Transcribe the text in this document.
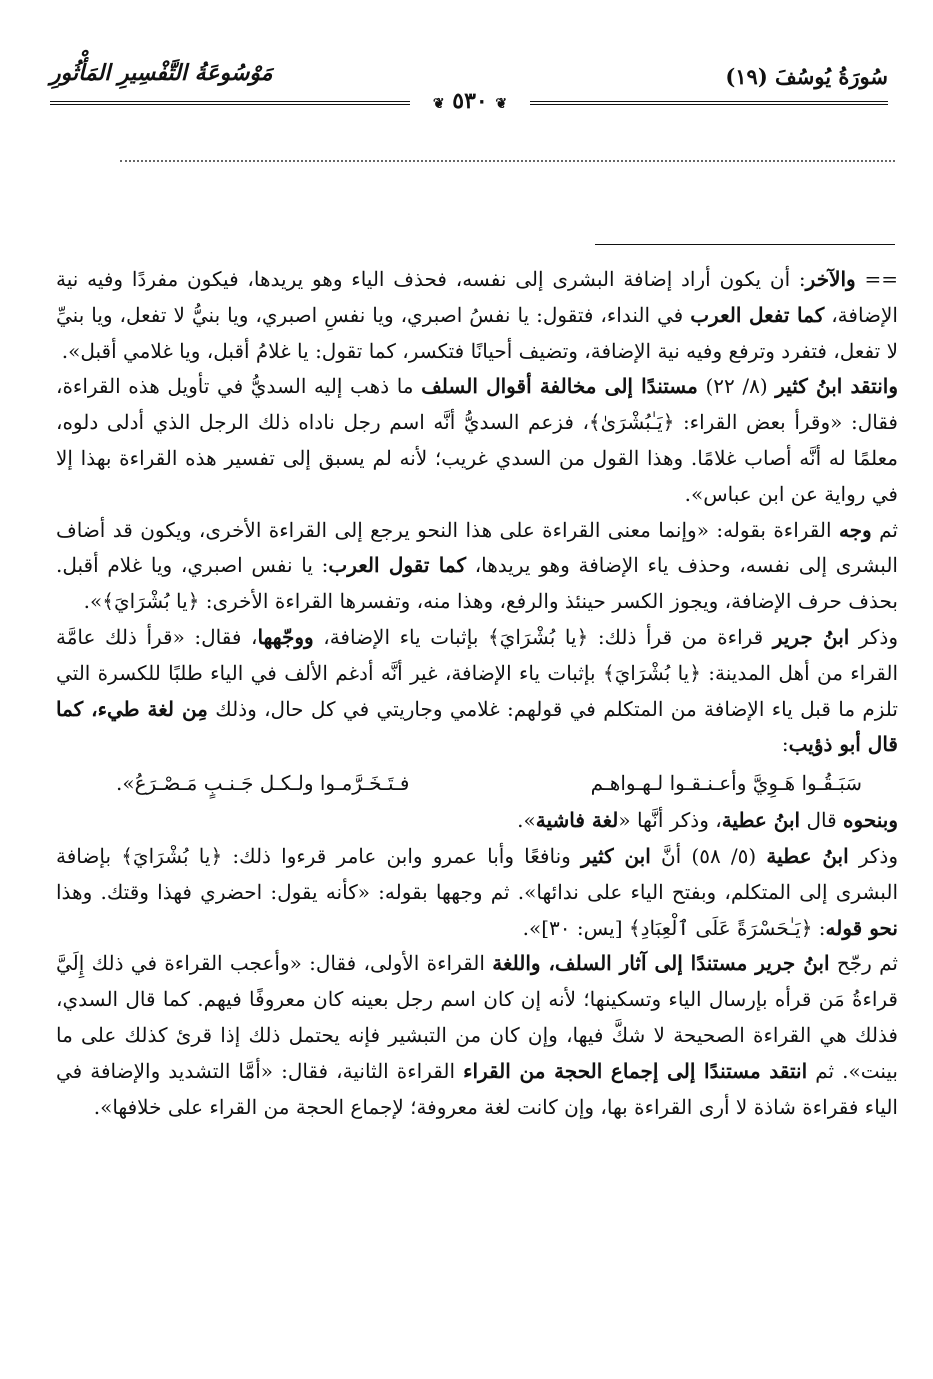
سُورَةُ يُوسُفَ (١٩)
❦ ٥٣٠ ❦
مَوْسُوعَةُ التَّفْسِيرِ المَأْثُورِ

== والآخر: أن يكون أراد إضافة البشرى إلى نفسه، فحذف الياء وهو يريدها، فيكون مفردًا وفيه نية الإضافة، كما تفعل العرب في النداء، فتقول: يا نفسُ اصبري، ويا نفسِ اصبري، ويا بنيُّ لا تفعل، ويا بنيِّ لا تفعل، فتفرد وترفع وفيه نية الإضافة، وتضيف أحيانًا فتكسر، كما تقول: يا غلامُ أقبل، ويا غلامي أقبل».

وانتقد ابنُ كثير (٨/ ٢٢) مستندًا إلى مخالفة أقوال السلف ما ذهب إليه السديُّ في تأويل هذه القراءة، فقال: «وقرأ بعض القراء: ﴿يَـٰبُشْرَىٰ﴾، فزعم السديُّ أنَّه اسم رجل ناداه ذلك الرجل الذي أدلى دلوه، معلمًا له أنَّه أصاب غلامًا. وهذا القول من السدي غريب؛ لأنه لم يسبق إلى تفسير هذه القراءة بهذا إلا في رواية عن ابن عباس».

ثم وجه القراءة بقوله: «وإنما معنى القراءة على هذا النحو يرجع إلى القراءة الأخرى، ويكون قد أضاف البشرى إلى نفسه، وحذف ياء الإضافة وهو يريدها، كما تقول العرب: يا نفس اصبري، ويا غلام أقبل. بحذف حرف الإضافة، ويجوز الكسر حينئذ والرفع، وهذا منه، وتفسرها القراءة الأخرى: ﴿يا بُشْرَايَ﴾».

وذكر ابنُ جرير قراءة من قرأ ذلك: ﴿يا بُشْرَايَ﴾ بإثبات ياء الإضافة، ووجّهها، فقال: «قرأ ذلك عامَّة القراء من أهل المدينة: ﴿يا بُشْرَايَ﴾ بإثبات ياء الإضافة، غير أنَّه أدغم الألف في الياء طلبًا للكسرة التي تلزم ما قبل ياء الإضافة من المتكلم في قولهم: غلامي وجاريتي في كل حال، وذلك مِن لغة طيء، كما قال أبو ذؤيب:

سَبَـقُـوا هَـوِيَّ وأعـنـقـوا لـهـواهـم
فـتَـخَـرَّمـوا ولـكـل جَـنـبٍ مَـصْـرَعُ».

وبنحوه قال ابنُ عطية، وذكر أنَّها «لغة فاشية».

وذكر ابنُ عطية (٥/ ٥٨) أنَّ ابن كثير ونافعًا وأبا عمرو وابن عامر قرءوا ذلك: ﴿يا بُشْرَايَ﴾ بإضافة البشرى إلى المتكلم، وبفتح الياء على ندائها». ثم وجهها بقوله: «كأنه يقول: احضري فهذا وقتك. وهذا نحو قوله: ﴿يَـٰحَسْرَةً عَلَى ٱلْعِبَادِ﴾ [يس: ٣٠]».

ثم رجّح ابنُ جرير مستندًا إلى آثار السلف، واللغة القراءة الأولى، فقال: «وأعجب القراءة في ذلك إِلَيَّ قراءةُ مَن قرأه بإرسال الياء وتسكينها؛ لأنه إن كان اسم رجل بعينه كان معروفًا فيهم. كما قال السدي، فذلك هي القراءة الصحيحة لا شكَّ فيها، وإن كان من التبشير فإنه يحتمل ذلك إذا قرئ كذلك على ما بينت». ثم انتقد مستندًا إلى إجماع الحجة من القراء القراءة الثانية، فقال: «أمَّا التشديد والإضافة في الياء فقراءة شاذة لا أرى القراءة بها، وإن كانت لغة معروفة؛ لإجماع الحجة من القراء على خلافها».
